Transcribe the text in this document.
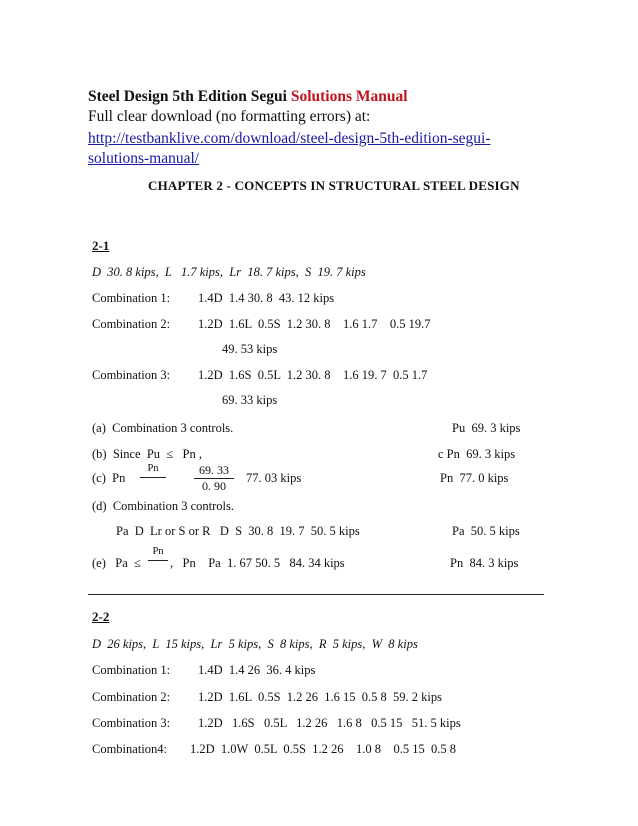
Steel Design 5th Edition Segui Solutions Manual
Full clear download (no formatting errors) at:
http://testbanklive.com/download/steel-design-5th-edition-segui-
solutions-manual/
CHAPTER 2 - CONCEPTS IN STRUCTURAL STEEL DESIGN
2-1
D  30. 8 kips,  L   1.7 kips,  Lr  18. 7 kips,  S  19. 7 kips
Combination 1: 1.4D  1.4 30. 8  43. 12 kips
Combination 2: 1.2D  1.6L  0.5S  1.2 30. 8    1.6 1.7    0.5 19.7
49. 53 kips
Combination 3: 1.2D  1.6S  0.5L  1.2 30. 8    1.6 19. 7  0.5 1.7
69. 33 kips
(a)  Combination 3 controls.	Pu  69. 3 kips
(b)  Since  Pu  ≤   Pn ,	c Pn  69. 3 kips
(c)  Pn
Pn	69. 33
0. 90
77. 03 kips	Pn  77. 0 kips
(d)  Combination 3 controls.
Pa  D  Lr or S or R   D  S  30. 8  19. 7  50. 5 kips	Pa  50. 5 kips
(e)   Pa  ≤
Pn
,   Pn    Pa  1. 67 50. 5   84. 34 kips	Pn  84. 3 kips
2-2
D  26 kips,  L  15 kips,  Lr  5 kips,  S  8 kips,  R  5 kips,  W  8 kips
Combination 1: 1.4D  1.4 26  36. 4 kips
Combination 2: 1.2D  1.6L  0.5S  1.2 26  1.6 15  0.5 8  59. 2 kips
Combination 3: 1.2D   1.6S   0.5L   1.2 26   1.6 8   0.5 15   51. 5 kips
Combination4: 1.2D  1.0W  0.5L  0.5S  1.2 26    1.0 8    0.5 15  0.5 8
